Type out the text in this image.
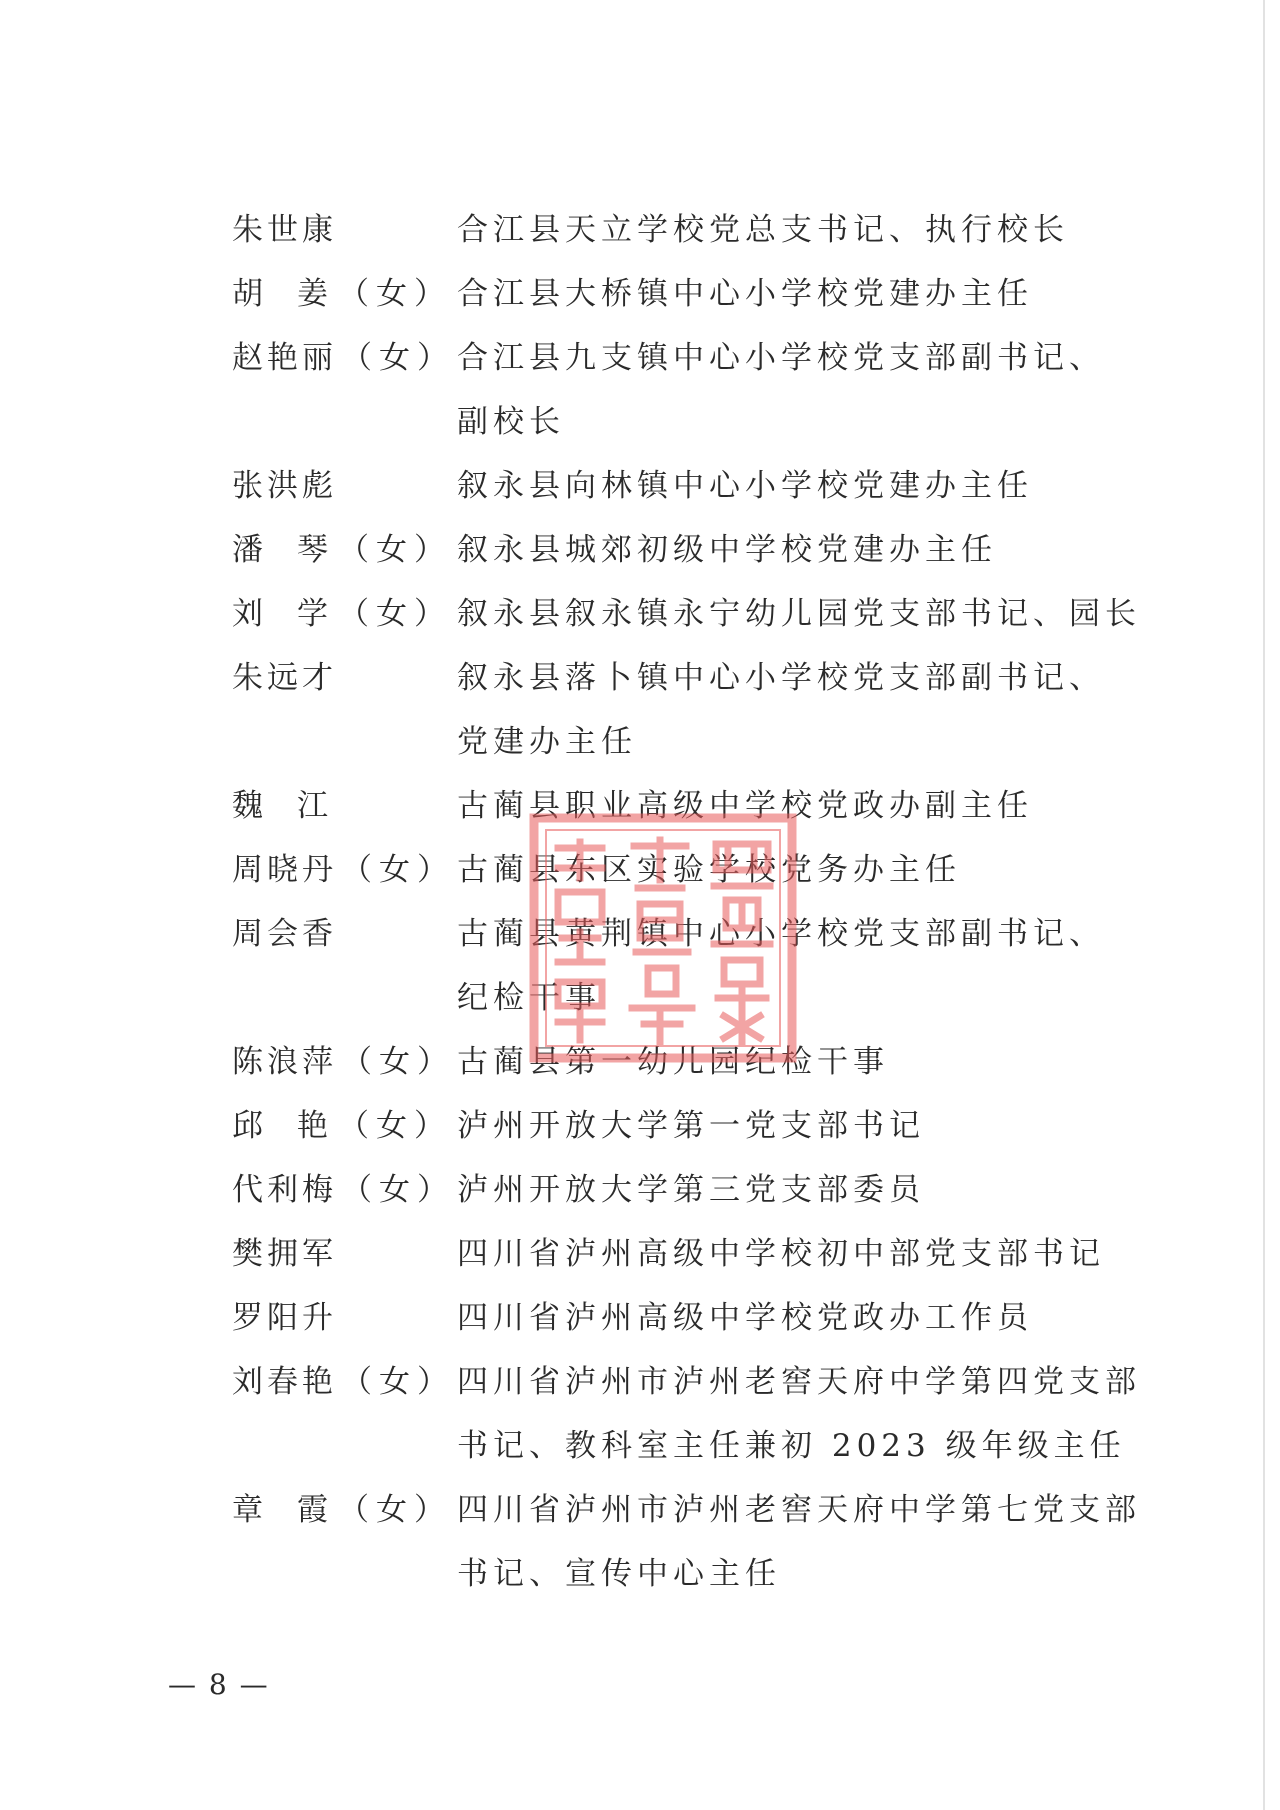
朱世康	合江县天立学校党总支书记、执行校长
胡 姜 （女） 合江县大桥镇中心小学校党建办主任
赵艳丽 （女） 合江县九支镇中心小学校党支部副书记、
副校长
张洪彪	叙永县向林镇中心小学校党建办主任
潘 琴 （女） 叙永县城郊初级中学校党建办主任
刘 学 （女） 叙永县叙永镇永宁幼儿园党支部书记、园长
朱远才	叙永县落卜镇中心小学校党支部副书记、
党建办主任
魏 江	古蔺县职业高级中学校党政办副主任
周晓丹 （女） 古蔺县东区实验学校党务办主任
周会香	古蔺县黄荆镇中心小学校党支部副书记、
纪检干事
陈浪萍 （女） 古蔺县第一幼儿园纪检干事
邱 艳 （女） 泸州开放大学第一党支部书记
代利梅 （女） 泸州开放大学第三党支部委员
樊拥军	四川省泸州高级中学校初中部党支部书记
罗阳升	四川省泸州高级中学校党政办工作员
刘春艳 （女） 四川省泸州市泸州老窖天府中学第四党支部
书记、教科室主任兼初 2023 级年级主任
章 霞 （女） 四川省泸州市泸州老窖天府中学第七党支部
书记、宣传中心主任
— 8 —
